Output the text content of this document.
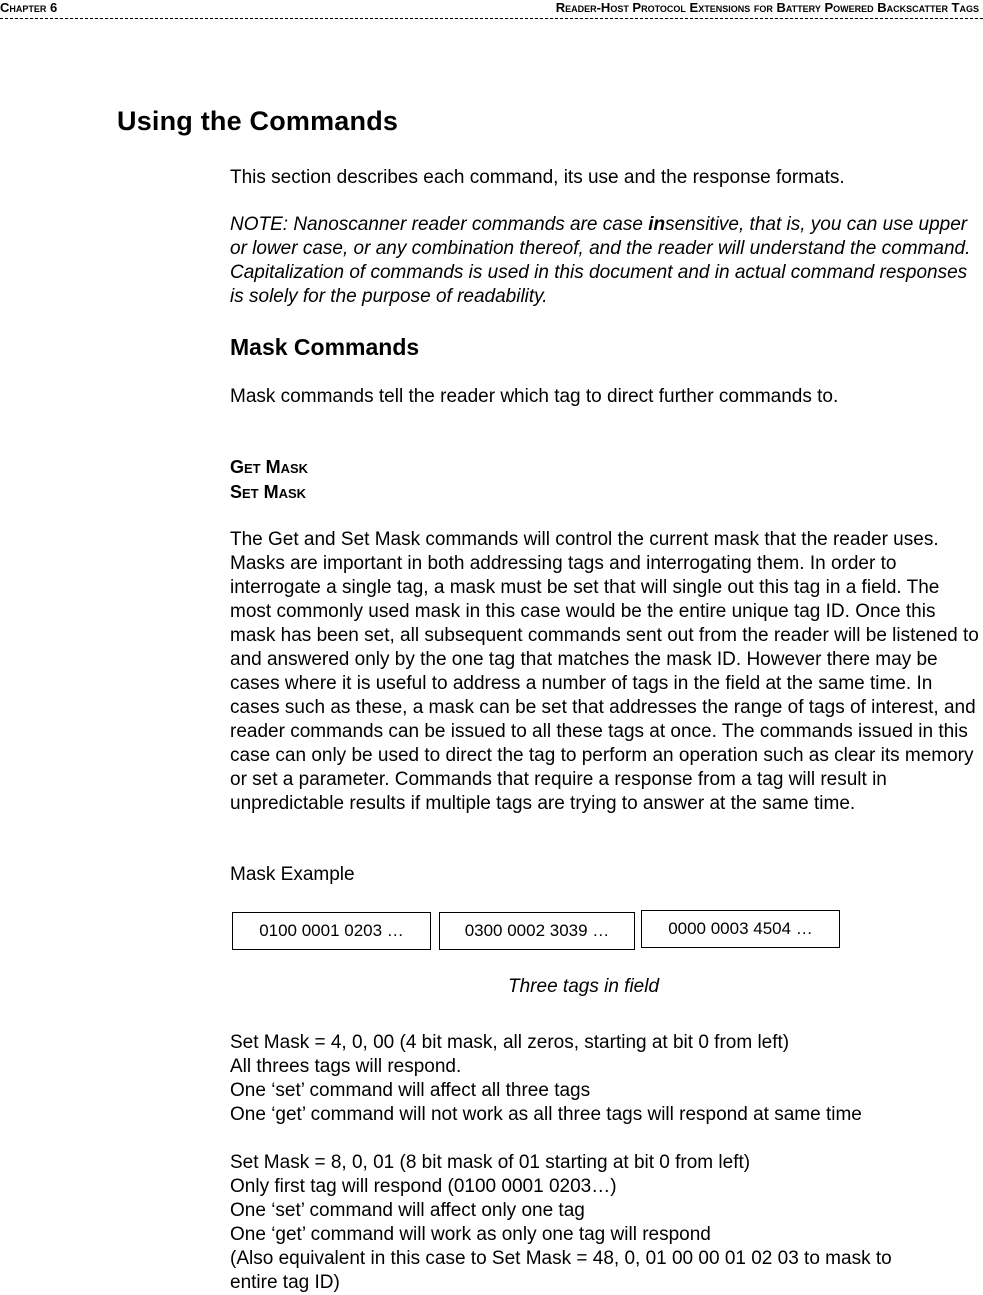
Chapter 6	Reader-Host Protocol Extensions for Battery Powered Backscatter Tags
Using the Commands
This section describes each command, its use and the response formats.
NOTE: Nanoscanner reader commands are case insensitive, that is, you can use upper or lower case, or any combination thereof, and the reader will understand the command. Capitalization of commands is used in this document and in actual command responses is solely for the purpose of readability.
Mask Commands
Mask commands tell the reader which tag to direct further commands to.
Get Mask
Set Mask
The Get and Set Mask commands will control the current mask that the reader uses. Masks are important in both addressing tags and interrogating them. In order to interrogate a single tag, a mask must be set that will single out this tag in a field. The most commonly used mask in this case would be the entire unique tag ID. Once this mask has been set, all subsequent commands sent out from the reader will be listened to and answered only by the one tag that matches the mask ID. However there may be cases where it is useful to address a number of tags in the field at the same time. In cases such as these, a mask can be set that addresses the range of tags of interest, and reader commands can be issued to all these tags at once. The commands issued in this case can only be used to direct the tag to perform an operation such as clear its memory or set a parameter. Commands that require a response from a tag will result in unpredictable results if multiple tags are trying to answer at the same time.
Mask Example
0100 0001 0203 …	0300 0002 3039 …	0000 0003 4504 …
Three tags in field
Set Mask = 4, 0, 00 (4 bit mask, all zeros, starting at bit 0 from left)
All threes tags will respond.
One ‘set’ command will affect all three tags
One ‘get’ command will not work as all three tags will respond at same time
Set Mask = 8, 0, 01 (8 bit mask of 01 starting at bit 0 from left)
Only first tag will respond (0100 0001 0203…)
One ‘set’ command will affect only one tag
One ‘get’ command will work as only one tag will respond
(Also equivalent in this case to Set Mask = 48, 0, 01 00 00 01 02 03 to mask to
entire tag ID)
